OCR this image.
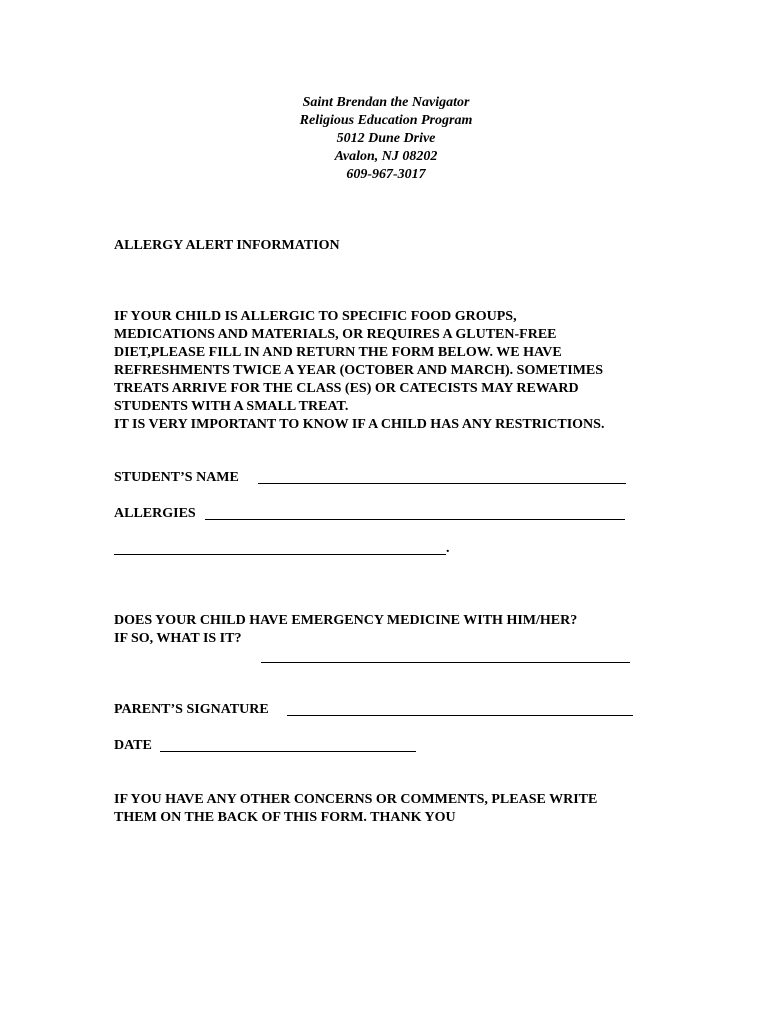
Saint Brendan the Navigator
Religious Education Program
5012 Dune Drive
Avalon, NJ 08202
609-967-3017
ALLERGY ALERT INFORMATION
IF YOUR CHILD IS ALLERGIC TO SPECIFIC FOOD GROUPS,
MEDICATIONS AND MATERIALS, OR REQUIRES A GLUTEN-FREE
DIET,PLEASE FILL IN AND RETURN THE FORM BELOW. WE HAVE
REFRESHMENTS TWICE A YEAR (OCTOBER AND MARCH). SOMETIMES
TREATS ARRIVE FOR THE CLASS (ES) OR CATECISTS MAY REWARD
STUDENTS WITH A SMALL TREAT.
IT IS VERY IMPORTANT TO KNOW IF A CHILD HAS ANY RESTRICTIONS.
STUDENT’S NAME
ALLERGIES
.
DOES YOUR CHILD HAVE EMERGENCY MEDICINE WITH HIM/HER?
IF SO, WHAT IS IT?
PARENT’S SIGNATURE
DATE
IF YOU HAVE ANY OTHER CONCERNS OR COMMENTS, PLEASE WRITE
THEM ON THE BACK OF THIS FORM. THANK YOU
